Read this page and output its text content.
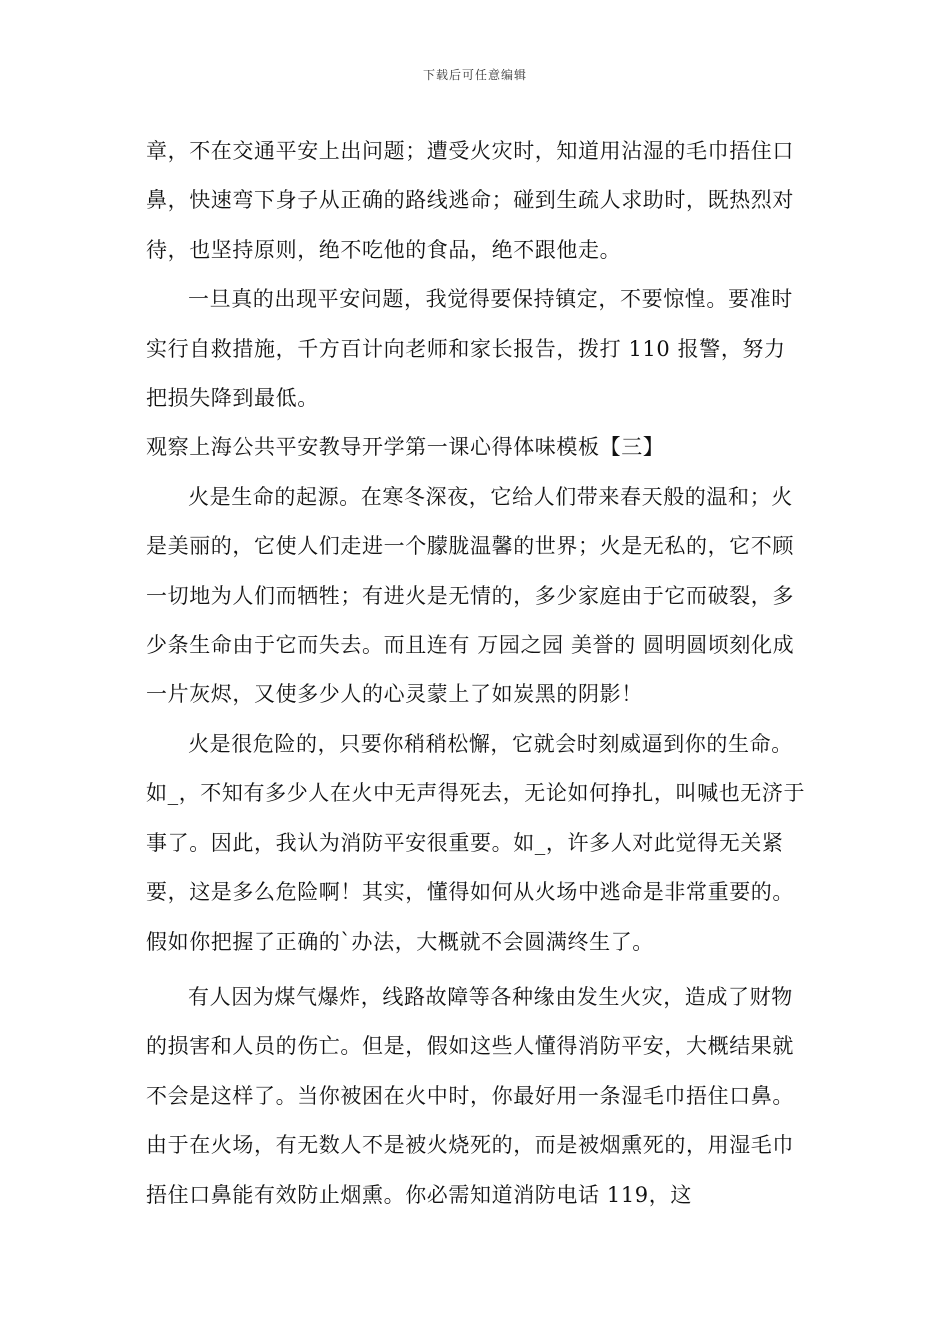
下载后可任意编辑

章，不在交通平安上出问题；遭受火灾时，知道用沾湿的毛巾捂住口鼻，快速弯下身子从正确的路线逃命；碰到生疏人求助时，既热烈对待，也坚持原则，绝不吃他的食品，绝不跟他走。

一旦真的出现平安问题，我觉得要保持镇定，不要惊惶。要准时实行自救措施，千方百计向老师和家长报告，拨打 110 报警，努力把损失降到最低。

观察上海公共平安教导开学第一课心得体味模板【三】

火是生命的起源。在寒冬深夜，它给人们带来春天般的温和；火是美丽的，它使人们走进一个朦胧温馨的世界；火是无私的，它不顾一切地为人们而牺牲；有进火是无情的，多少家庭由于它而破裂，多少条生命由于它而失去。而且连有 万园之园 美誉的 圆明圆顷刻化成一片灰烬，又使多少人的心灵蒙上了如炭黑的阴影！

火是很危险的，只要你稍稍松懈，它就会时刻威逼到你的生命。如_，不知有多少人在火中无声得死去，无论如何挣扎，叫喊也无济于事了。因此，我认为消防平安很重要。如_，许多人对此觉得无关紧要，这是多么危险啊！其实，懂得如何从火场中逃命是非常重要的。假如你把握了正确的`办法，大概就不会圆满终生了。

有人因为煤气爆炸，线路故障等各种缘由发生火灾，造成了财物的损害和人员的伤亡。但是，假如这些人懂得消防平安，大概结果就不会是这样了。当你被困在火中时，你最好用一条湿毛巾捂住口鼻。由于在火场，有无数人不是被火烧死的，而是被烟熏死的，用湿毛巾捂住口鼻能有效防止烟熏。你必需知道消防电话 119，这
